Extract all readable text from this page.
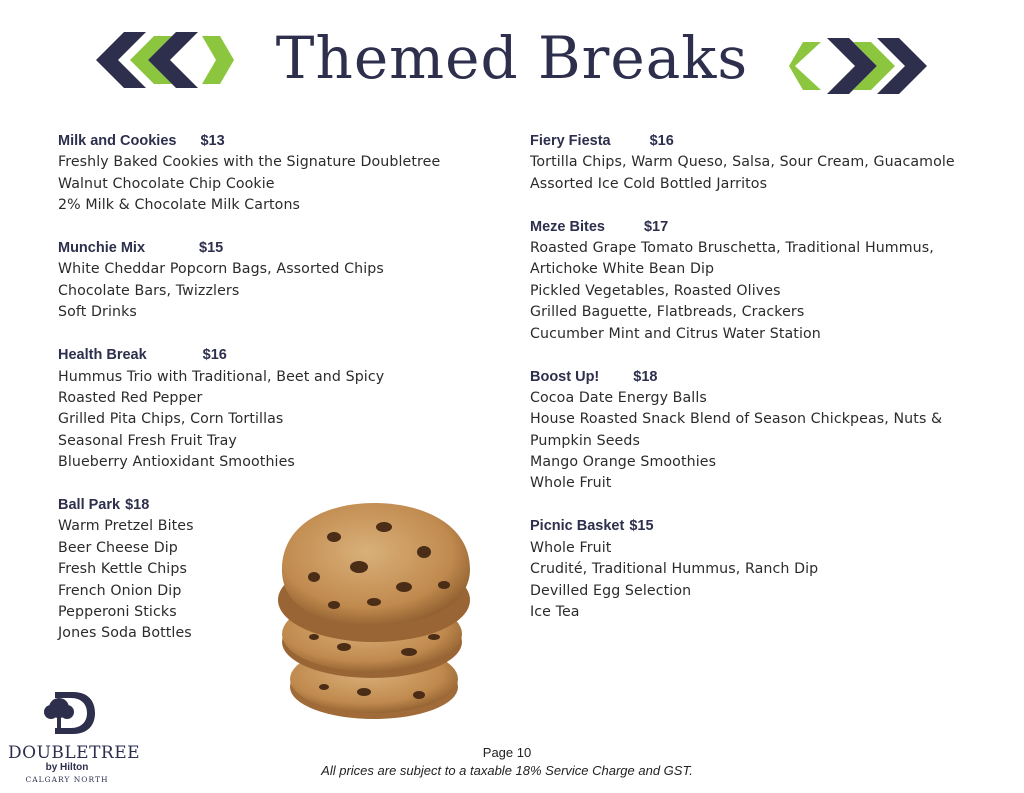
Themed Breaks
Milk and Cookies $13
Freshly Baked Cookies with the Signature Doubletree
Walnut Chocolate Chip Cookie
2% Milk & Chocolate Milk Cartons
Munchie Mix	$15
White Cheddar Popcorn Bags, Assorted Chips
Chocolate Bars, Twizzlers
Soft Drinks
Health Break	$16
Hummus Trio with Traditional, Beet and Spicy
Roasted Red Pepper
Grilled Pita Chips, Corn Tortillas
Seasonal Fresh Fruit Tray
Blueberry Antioxidant Smoothies
Ball Park $18
Warm Pretzel Bites
Beer Cheese Dip
Fresh Kettle Chips
French Onion Dip
Pepperoni Sticks
Jones Soda Bottles
Fiery Fiesta	$16
Tortilla Chips, Warm Queso, Salsa, Sour Cream, Guacamole
Assorted Ice Cold Bottled Jarritos
Meze Bites	$17
Roasted Grape Tomato Bruschetta, Traditional Hummus,
Artichoke White Bean Dip
Pickled Vegetables, Roasted Olives
Grilled Baguette, Flatbreads, Crackers
Cucumber Mint and Citrus Water Station
Boost Up! $18
Cocoa Date Energy Balls
House Roasted Snack Blend of Season Chickpeas, Nuts &
Pumpkin Seeds
Mango Orange Smoothies
Whole Fruit
Picnic Basket $15
Whole Fruit
Crudité, Traditional Hummus, Ranch Dip
Devilled Egg Selection
Ice Tea
DOUBLETREE
by Hilton
CALGARY NORTH
Page 10
All prices are subject to a taxable 18% Service Charge and GST.
